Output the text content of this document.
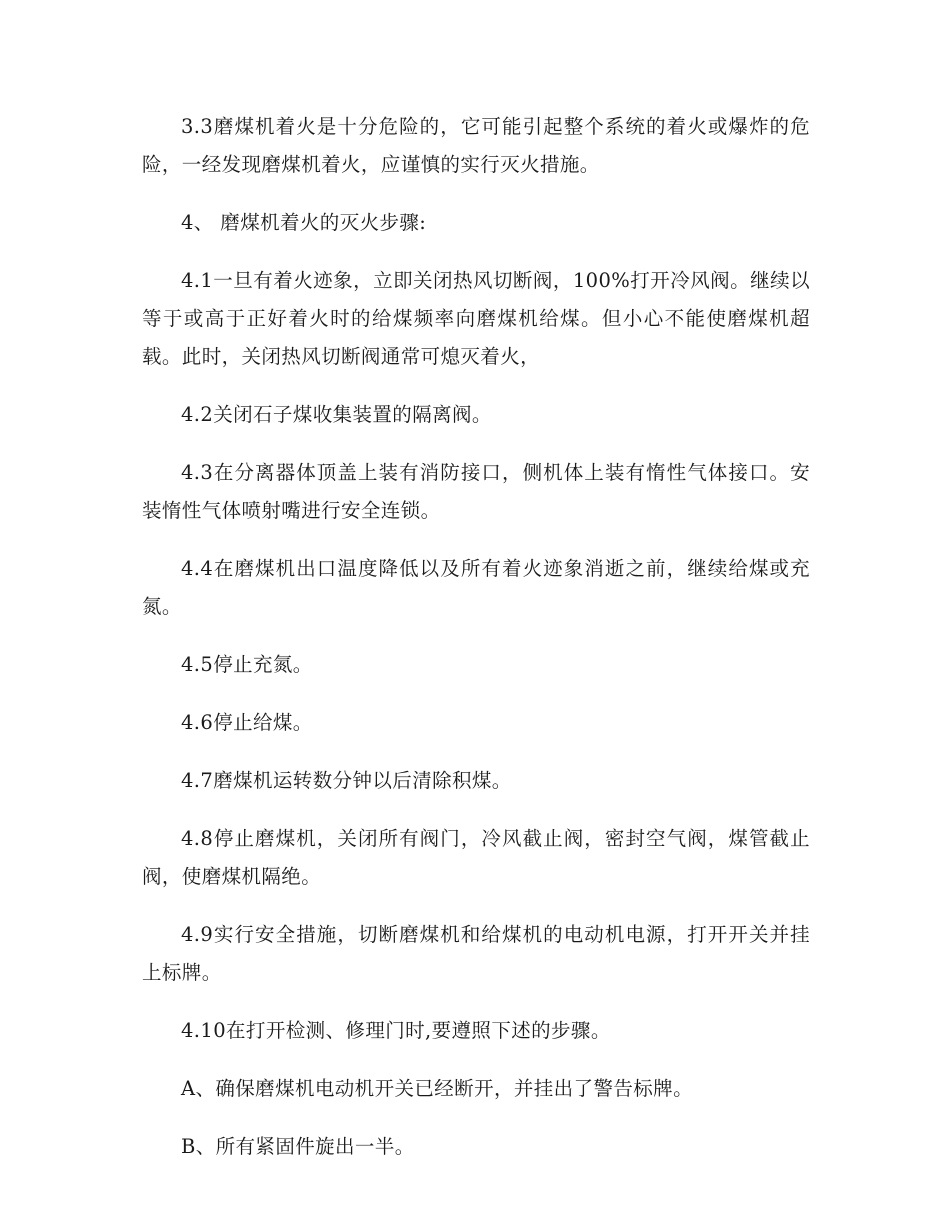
3.3磨煤机着火是十分危险的，它可能引起整个系统的着火或爆炸的危险，一经发现磨煤机着火，应谨慎的实行灭火措施。

4、 磨煤机着火的灭火步骤:

4.1一旦有着火迹象，立即关闭热风切断阀，100%打开冷风阀。继续以等于或高于正好着火时的给煤频率向磨煤机给煤。但小心不能使磨煤机超载。此时，关闭热风切断阀通常可熄灭着火，

4.2关闭石子煤收集装置的隔离阀。

4.3在分离器体顶盖上装有消防接口，侧机体上装有惰性气体接口。安装惰性气体喷射嘴进行安全连锁。

4.4在磨煤机出口温度降低以及所有着火迹象消逝之前，继续给煤或充氮。

4.5停止充氮。

4.6停止给煤。

4.7磨煤机运转数分钟以后清除积煤。

4.8停止磨煤机，关闭所有阀门，冷风截止阀，密封空气阀，煤管截止阀，使磨煤机隔绝。

4.9实行安全措施，切断磨煤机和给煤机的电动机电源，打开开关并挂上标牌。

4.10在打开检测、修理门时,要遵照下述的步骤。

A、确保磨煤机电动机开关已经断开，并挂出了警告标牌。

B、所有紧固件旋出一半。
